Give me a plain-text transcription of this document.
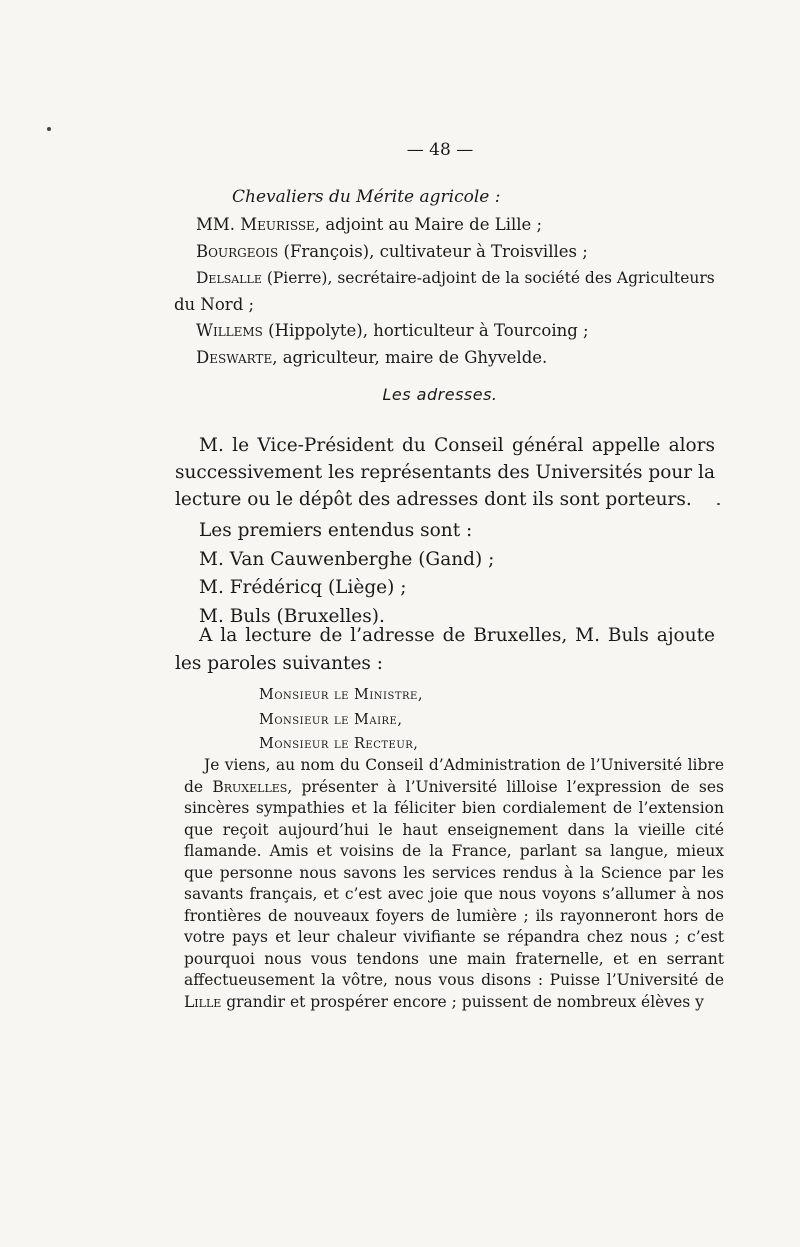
— 48 —
Chevaliers du Mérite agricole :
MM. Meurisse, adjoint au Maire de Lille ;
Bourgeois (François), cultivateur à Troisvilles ;
Delsalle (Pierre), secrétaire-adjoint de la société des Agriculteurs
du Nord ;
Willems (Hippolyte), horticulteur à Tourcoing ;
Deswarte, agriculteur, maire de Ghyvelde.
Les adresses.
M. le Vice-Président du Conseil général appelle alors successivement les représentants des Universités pour la lecture ou le dépôt des adresses dont ils sont porteurs.
Les premiers entendus sont :
M. Van Cauwenberghe (Gand) ;
M. Frédéricq (Liège) ;
M. Buls (Bruxelles).
A la lecture de l’adresse de Bruxelles, M. Buls ajoute les paroles suivantes :
Monsieur le Ministre,
Monsieur le Maire,
Monsieur le Recteur,
Je viens, au nom du Conseil d’Administration de l’Université libre de Bruxelles, présenter à l’Université lilloise l’expression de ses sincères sympathies et la féliciter bien cordialement de l’extension que reçoit aujourd’hui le haut enseignement dans la vieille cité flamande. Amis et voisins de la France, parlant sa langue, mieux que personne nous savons les services rendus à la Science par les savants français, et c’est avec joie que nous voyons s’allumer à nos frontières de nouveaux foyers de lumière ; ils rayonneront hors de votre pays et leur chaleur vivifiante se répandra chez nous ; c’est pourquoi nous vous tendons une main fraternelle, et en serrant affectueusement la vôtre, nous vous disons : Puisse l’Université de Lille grandir et prospérer encore ; puissent de nombreux élèves y
